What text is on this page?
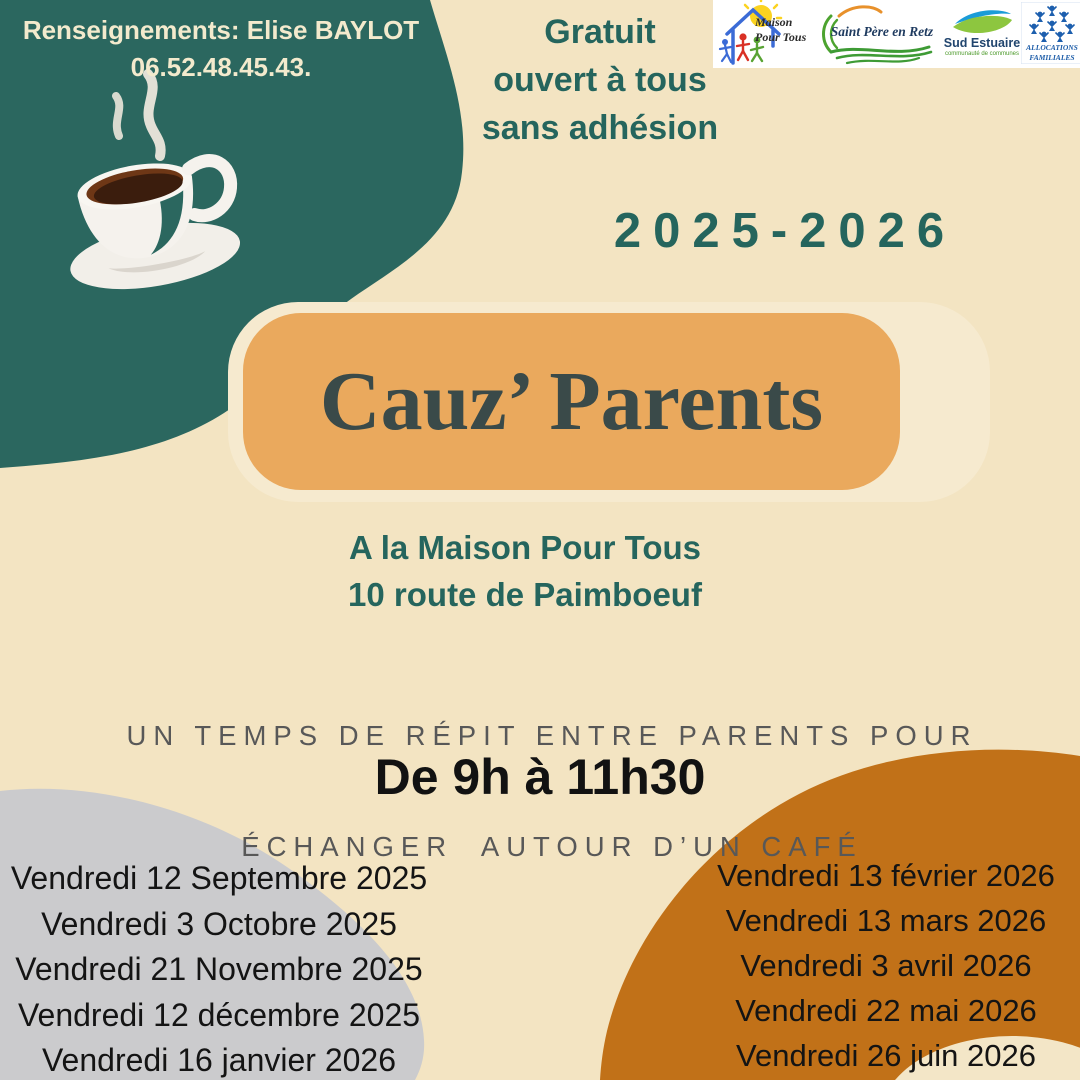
Renseignements: Elise BAYLOT
06.52.48.45.43.
Gratuit
ouvert à tous
sans adhésion
Maison

Pour Tous Saint Père en Retz
Sud Estuaire
communauté de communes
ALLOCATIONS
FAMILIALES
2025-2026
Cauz’ Parents
A la Maison Pour Tous
10 route de Paimboeuf

UN TEMPS DE RÉPIT ENTRE PARENTS POUR

ÉCHANGER  AUTOUR D’UN CAFÉ

De 9h à 11h30
Vendredi 12 Septembre 2025
Vendredi 3 Octobre 2025
Vendredi 21 Novembre 2025
Vendredi 12 décembre 2025
Vendredi 16 janvier 2026
Vendredi 13 février 2026
Vendredi 13 mars 2026
Vendredi 3 avril 2026
Vendredi 22 mai 2026
Vendredi 26 juin 2026
